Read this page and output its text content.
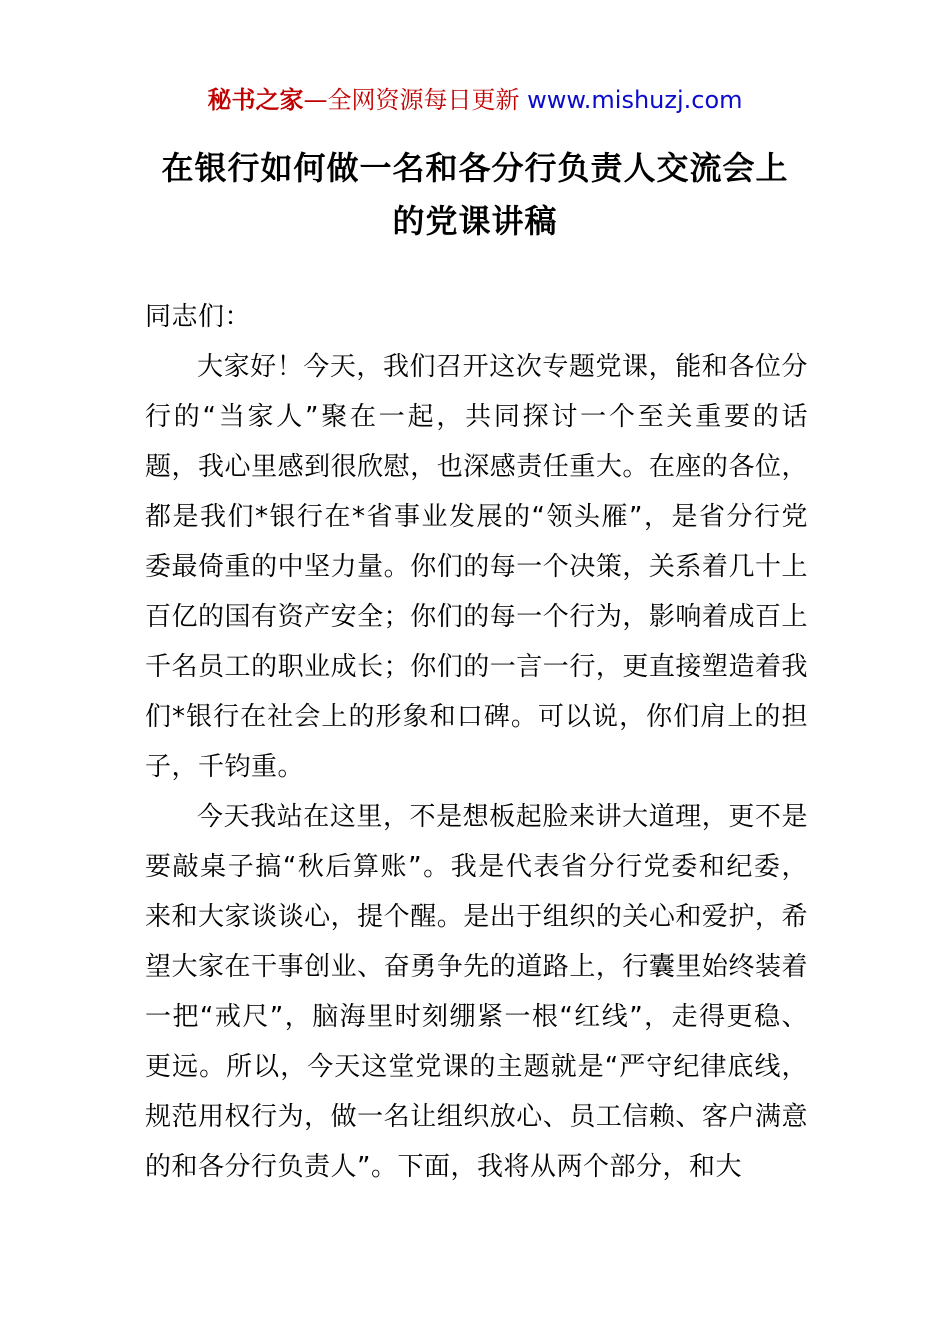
秘书之家—全网资源每日更新 www.mishuzj.com
在银行如何做一名和各分行负责人交流会上的党课讲稿

同志们：

大家好！今天，我们召开这次专题党课，能和各位分行的“当家人”聚在一起，共同探讨一个至关重要的话题，我心里感到很欣慰，也深感责任重大。在座的各位，都是我们*银行在*省事业发展的“领头雁”，是省分行党委最倚重的中坚力量。你们的每一个决策，关系着几十上百亿的国有资产安全；你们的每一个行为，影响着成百上千名员工的职业成长；你们的一言一行，更直接塑造着我们*银行在社会上的形象和口碑。可以说，你们肩上的担子，千钧重。

今天我站在这里，不是想板起脸来讲大道理，更不是要敲桌子搞“秋后算账”。我是代表省分行党委和纪委，来和大家谈谈心，提个醒。是出于组织的关心和爱护，希望大家在干事创业、奋勇争先的道路上，行囊里始终装着一把“戒尺”，脑海里时刻绷紧一根“红线”，走得更稳、更远。所以，今天这堂党课的主题就是“严守纪律底线，规范用权行为，做一名让组织放心、员工信赖、客户满意的和各分行负责人”。下面，我将从两个部分，和大
